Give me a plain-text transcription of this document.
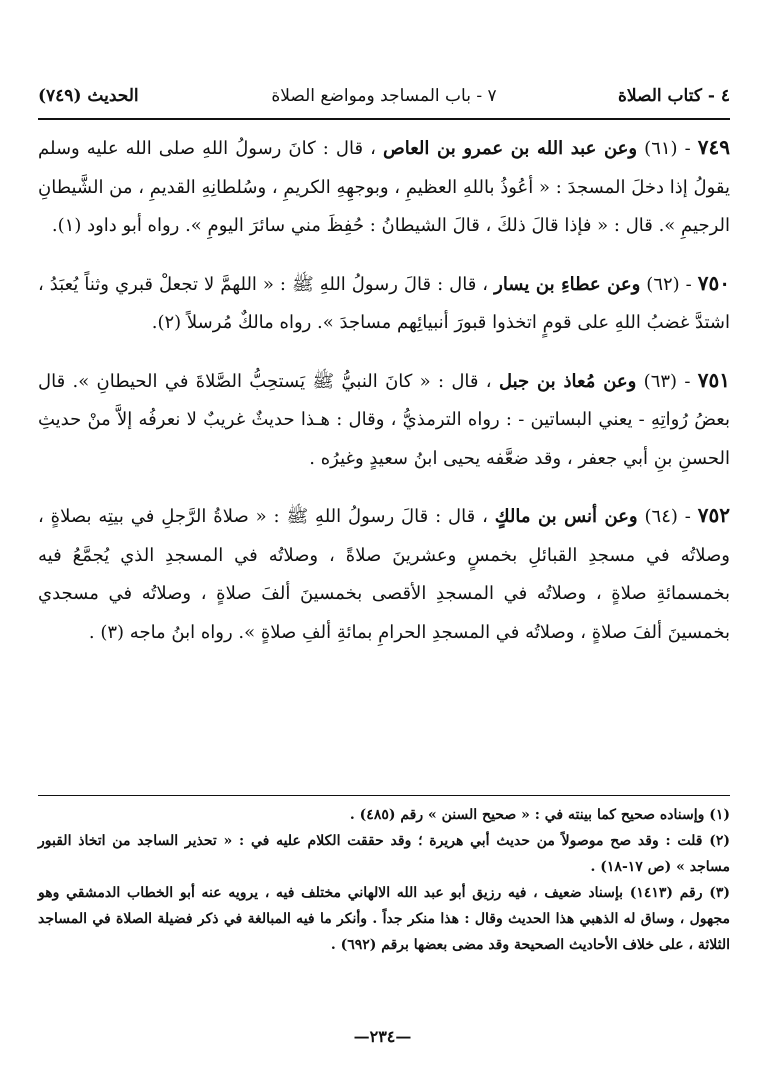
٤ - كتاب الصلاة
٧ - باب المساجد ومواضع الصلاة
الحديث (٧٤٩)

٧٤٩ - (٦١) وعن عبد الله بن عمرو بن العاص ، قال : كانَ رسولُ اللهِ صلى الله عليه وسلم يقولُ إذا دخلَ المسجدَ : « أعُوذُ باللهِ العظيمِ ، وبوجهِهِ الكريمِ ، وسُلطانِهِ القديمِ ، من الشَّيطانِ الرجيمِ ». قال : « فإذا قالَ ذلكَ ، قالَ الشيطانُ : حُفِظَ مني سائرَ اليومِ ». رواه أبو داود (١).

٧٥٠ - (٦٢) وعن عطاءِ بن يسار ، قال : قالَ رسولُ اللهِ ﷺ : « اللهمَّ لا تجعلْ قبري وثناً يُعبَدُ ، اشتدَّ غضبُ اللهِ على قومٍ اتخذوا قبورَ أنبيائِهم مساجدَ ». رواه مالكٌ مُرسلاً (٢).

٧٥١ - (٦٣) وعن مُعاذ بن جبل ، قال : « كانَ النبيُّ ﷺ يَستحِبُّ الصَّلاةَ في الحيطانِ ». قال بعضُ رُواتِهِ - يعني البساتين - : رواه الترمذيُّ ، وقال : هـذا حديثٌ غريبٌ لا نعرفُه إلاَّ منْ حديثِ الحسنِ بنِ أبي جعفر ، وقد ضعَّفه يحيى ابنُ سعيدٍ وغيرُه .

٧٥٢ - (٦٤) وعن أنس بن مالكٍ ، قال : قالَ رسولُ اللهِ ﷺ : « صلاةُ الرَّجلِ في بيتِه بصلاةٍ ، وصلاتُه في مسجدِ القبائلِ بخمسٍ وعشرينَ صلاةً ، وصلاتُه في المسجدِ الذي يُجمَّعُ فيه بخمسمائةِ صلاةٍ ، وصلاتُه في المسجدِ الأقصى بخمسينَ ألفَ صلاةٍ ، وصلاتُه في مسجدي بخمسينَ ألفَ صلاةٍ ، وصلاتُه في المسجدِ الحرامِ بمائةِ ألفِ صلاةٍ ». رواه ابنُ ماجه (٣) .

(١) وإسناده صحيح كما بينته في : « صحيح السنن » رقم (٤٨٥) .

(٢) قلت : وقد صح موصولاً من حديث أبي هريرة ؛ وقد حققت الكلام عليه في : « تحذير الساجد من اتخاذ القبور مساجد » (ص ١٧-١٨) .

(٣) رقم (١٤١٣) بإسناد ضعيف ، فيه رزيق أبو عبد الله الالهاني مختلف فيه ، يرويه عنه أبو الخطاب الدمشقي وهو مجهول ، وساق له الذهبي هذا الحديث وقال : هذا منكر جداً . وأنكر ما فيه المبالغة في ذكر فضيلة الصلاة في المساجد الثلاثة ، على خلاف الأحاديث الصحيحة وقد مضى بعضها برقم (٦٩٢) .

—٢٣٤—
